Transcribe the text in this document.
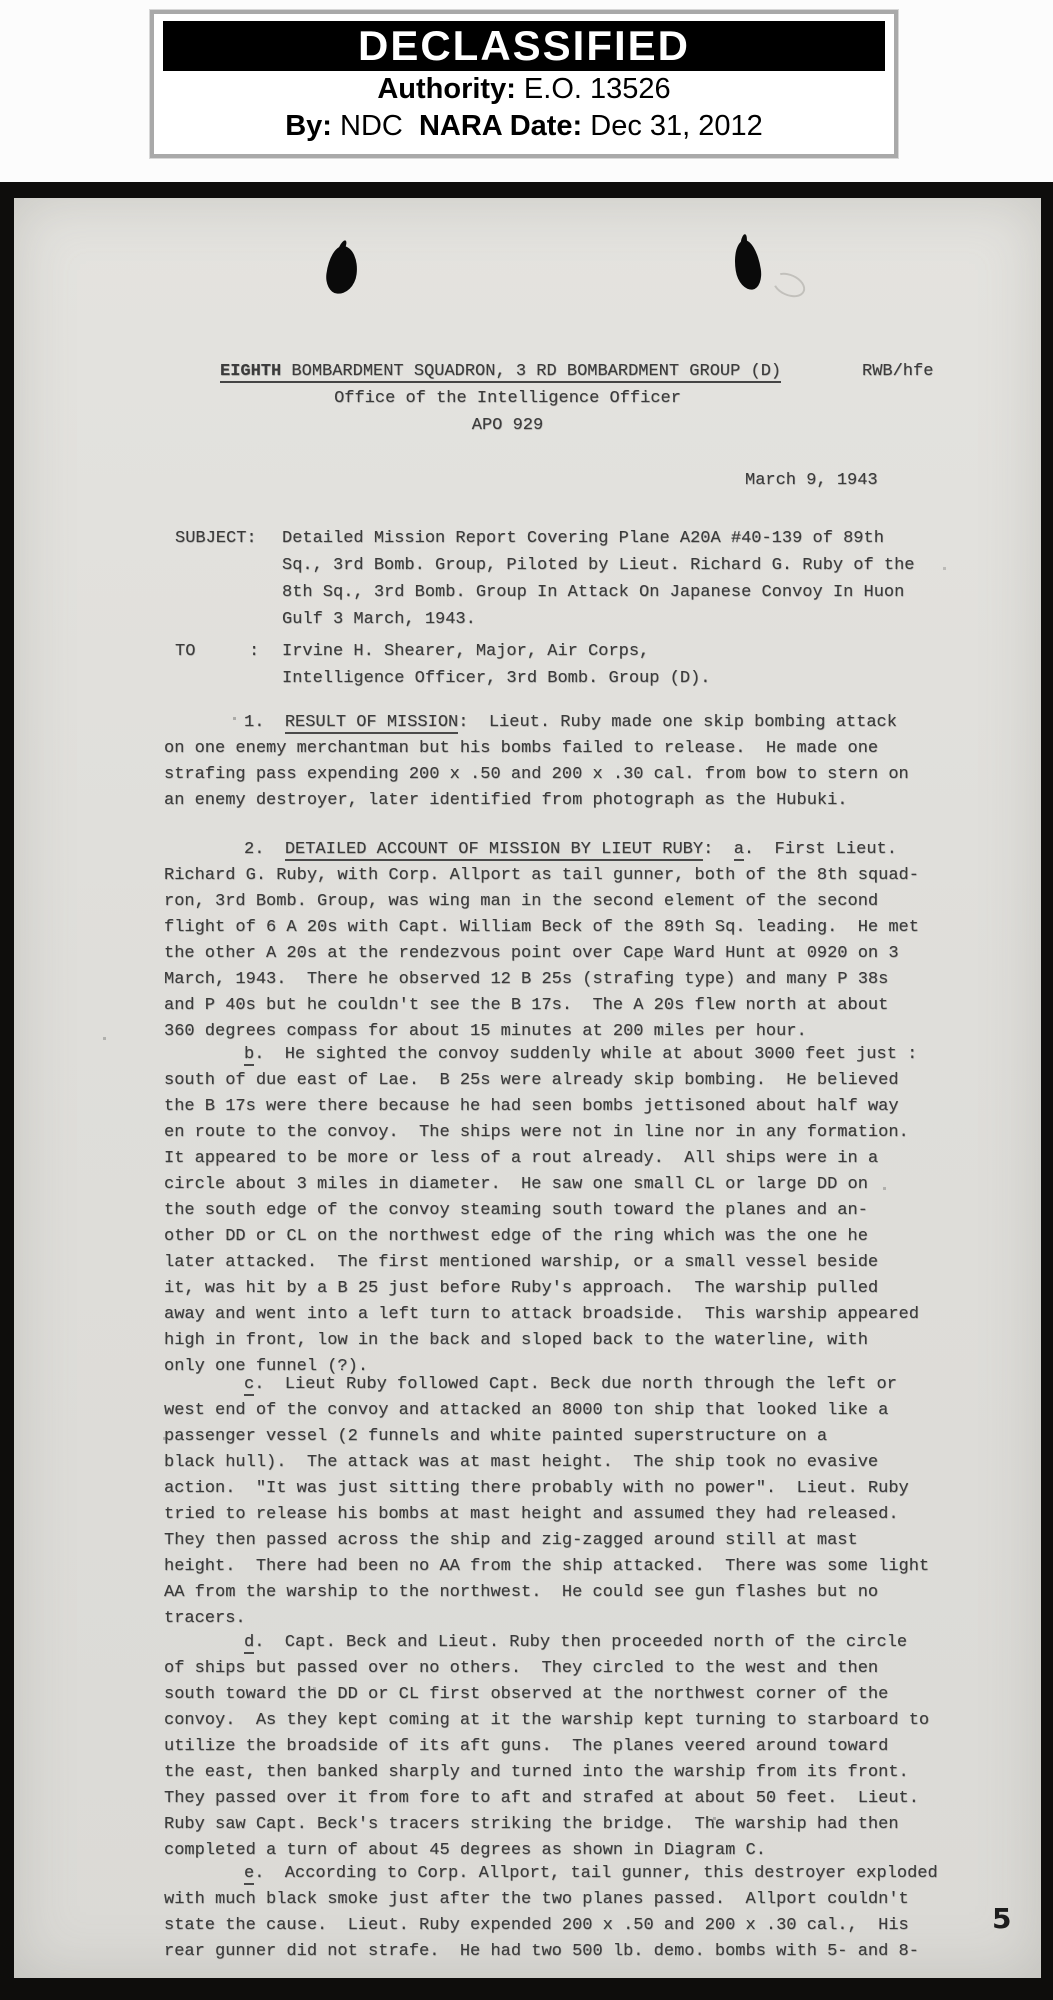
DECLASSIFIED
Authority: E.O. 13526
By: NDC  NARA Date: Dec 31, 2012
EIGHTH BOMBARDMENT SQUADRON, 3 RD BOMBARDMENT GROUP (D)	RWB/hfe
Office of the Intelligence Officer
APO 929
March 9, 1943
SUBJECT: Detailed Mission Report Covering Plane A20A #40-139 of 89th
Sq., 3rd Bomb. Group, Piloted by Lieut. Richard G. Ruby of the
8th Sq., 3rd Bomb. Group In Attack On Japanese Convoy In Huon
Gulf 3 March, 1943.
TO	: Irvine H. Shearer, Major, Air Corps,
Intelligence Officer, 3rd Bomb. Group (D).
1.  RESULT OF MISSION:  Lieut. Ruby made one skip bombing attack
on one enemy merchantman but his bombs failed to release.  He made one
strafing pass expending 200 x .50 and 200 x .30 cal. from bow to stern on
an enemy destroyer, later identified from photograph as the Hubuki.
2.  DETAILED ACCOUNT OF MISSION BY LIEUT RUBY:  a.  First Lieut.
Richard G. Ruby, with Corp. Allport as tail gunner, both of the 8th squad-
ron, 3rd Bomb. Group, was wing man in the second element of the second
flight of 6 A 20s with Capt. William Beck of the 89th Sq. leading.  He met
the other A 20s at the rendezvous point over Cape Ward Hunt at 0920 on 3
March, 1943.  There he observed 12 B 25s (strafing type) and many P 38s
and P 40s but he couldn't see the B 17s.  The A 20s flew north at about
360 degrees compass for about 15 minutes at 200 miles per hour.
b.  He sighted the convoy suddenly while at about 3000 feet just :
south of due east of Lae.  B 25s were already skip bombing.  He believed
the B 17s were there because he had seen bombs jettisoned about half way
en route to the convoy.  The ships were not in line nor in any formation.
It appeared to be more or less of a rout already.  All ships were in a
circle about 3 miles in diameter.  He saw one small CL or large DD on
the south edge of the convoy steaming south toward the planes and an-
other DD or CL on the northwest edge of the ring which was the one he
later attacked.  The first mentioned warship, or a small vessel beside
it, was hit by a B 25 just before Ruby's approach.  The warship pulled
away and went into a left turn to attack broadside.  This warship appeared
high in front, low in the back and sloped back to the waterline, with
only one funnel (?).
c.  Lieut Ruby followed Capt. Beck due north through the left or
west end of the convoy and attacked an 8000 ton ship that looked like a
passenger vessel (2 funnels and white painted superstructure on a
black hull).  The attack was at mast height.  The ship took no evasive
action.  "It was just sitting there probably with no power".  Lieut. Ruby
tried to release his bombs at mast height and assumed they had released.
They then passed across the ship and zig-zagged around still at mast
height.  There had been no AA from the ship attacked.  There was some light
AA from the warship to the northwest.  He could see gun flashes but no
tracers.
d.  Capt. Beck and Lieut. Ruby then proceeded north of the circle
of ships but passed over no others.  They circled to the west and then
south toward the DD or CL first observed at the northwest corner of the
convoy.  As they kept coming at it the warship kept turning to starboard to
utilize the broadside of its aft guns.  The planes veered around toward
the east, then banked sharply and turned into the warship from its front.
They passed over it from fore to aft and strafed at about 50 feet.  Lieut.
Ruby saw Capt. Beck's tracers striking the bridge.  The warship had then
completed a turn of about 45 degrees as shown in Diagram C.
e.  According to Corp. Allport, tail gunner, this destroyer exploded
with much black smoke just after the two planes passed.  Allport couldn't
state the cause.  Lieut. Ruby expended 200 x .50 and 200 x .30 cal.,  His
rear gunner did not strafe.  He had two 500 lb. demo. bombs with 5- and 8-
5
